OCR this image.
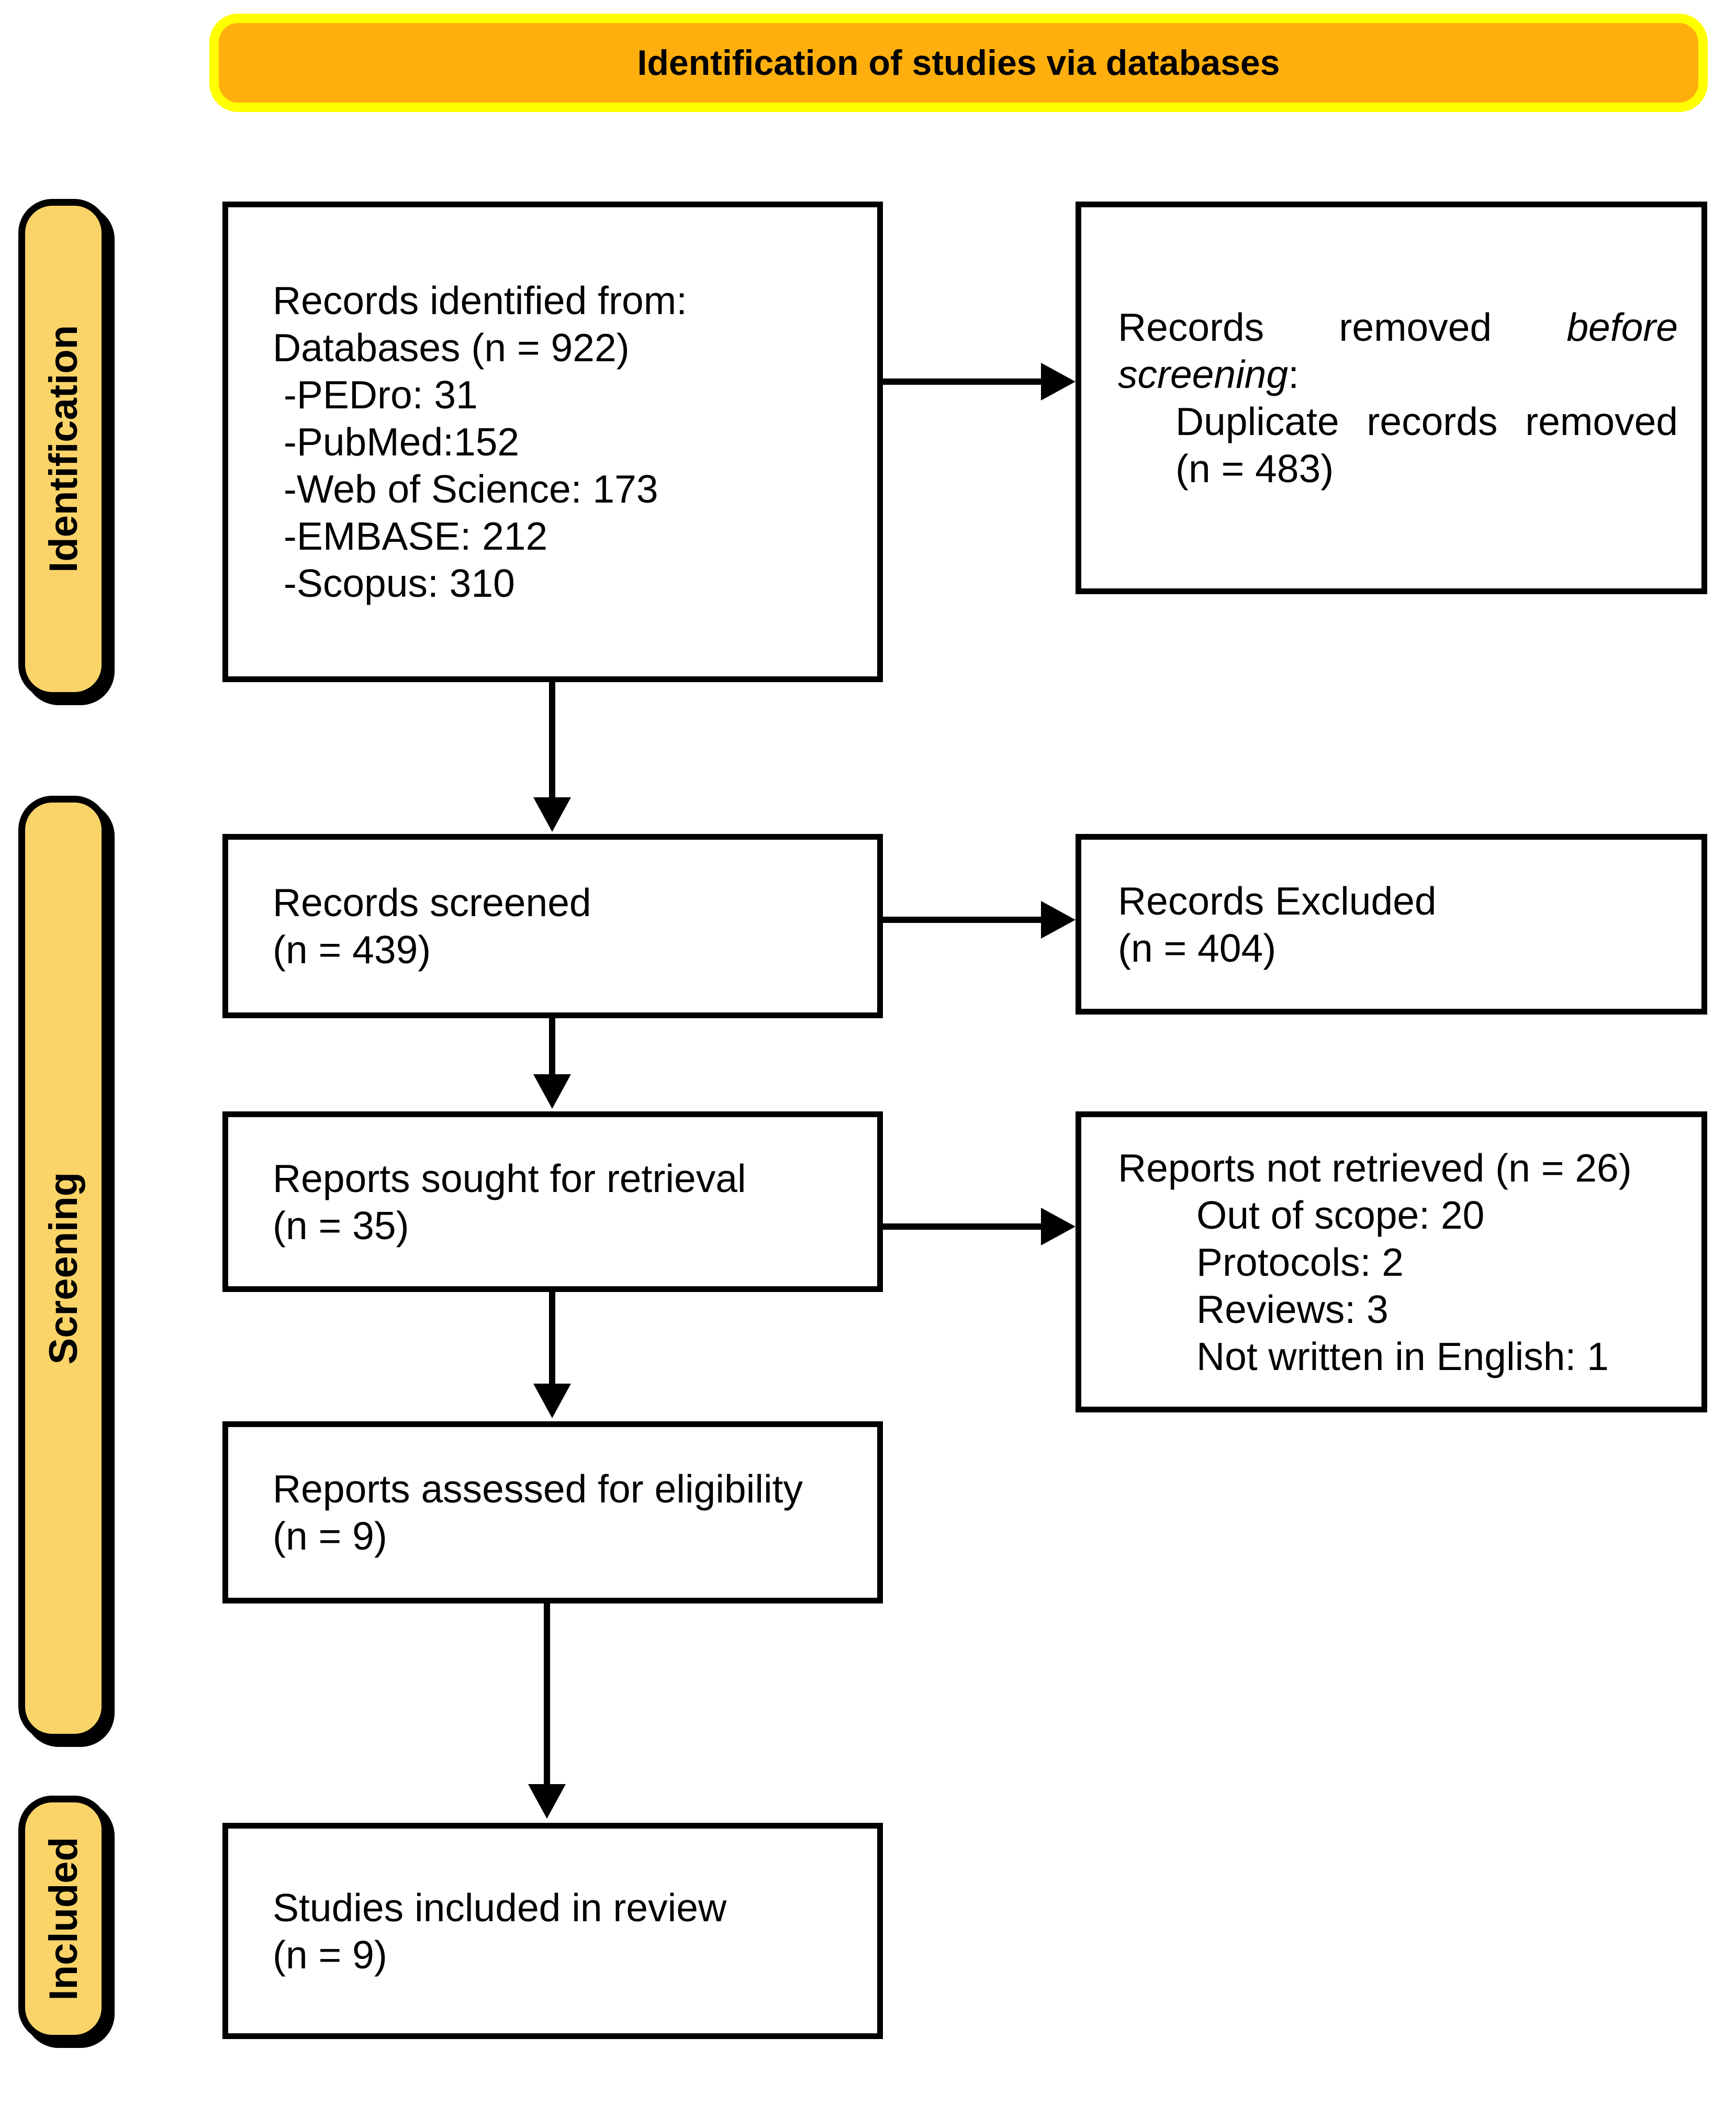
Identification of studies via databases
Identification
Screening
Included
Records identified from:
Databases (n = 922)
-PEDro: 31
-PubMed:152
-Web of Science: 173
-EMBASE: 212
-Scopus: 310
Records screened
(n = 439)
Reports sought for retrieval
(n = 35)
Reports assessed for eligibility
(n = 9)
Studies included in review
(n = 9)
Records removed before screening:
Duplicate records removed (n = 483)
Records Excluded
(n = 404)
Reports not retrieved (n = 26)
Out of scope: 20
Protocols: 2
Reviews: 3
Not written in English: 1
